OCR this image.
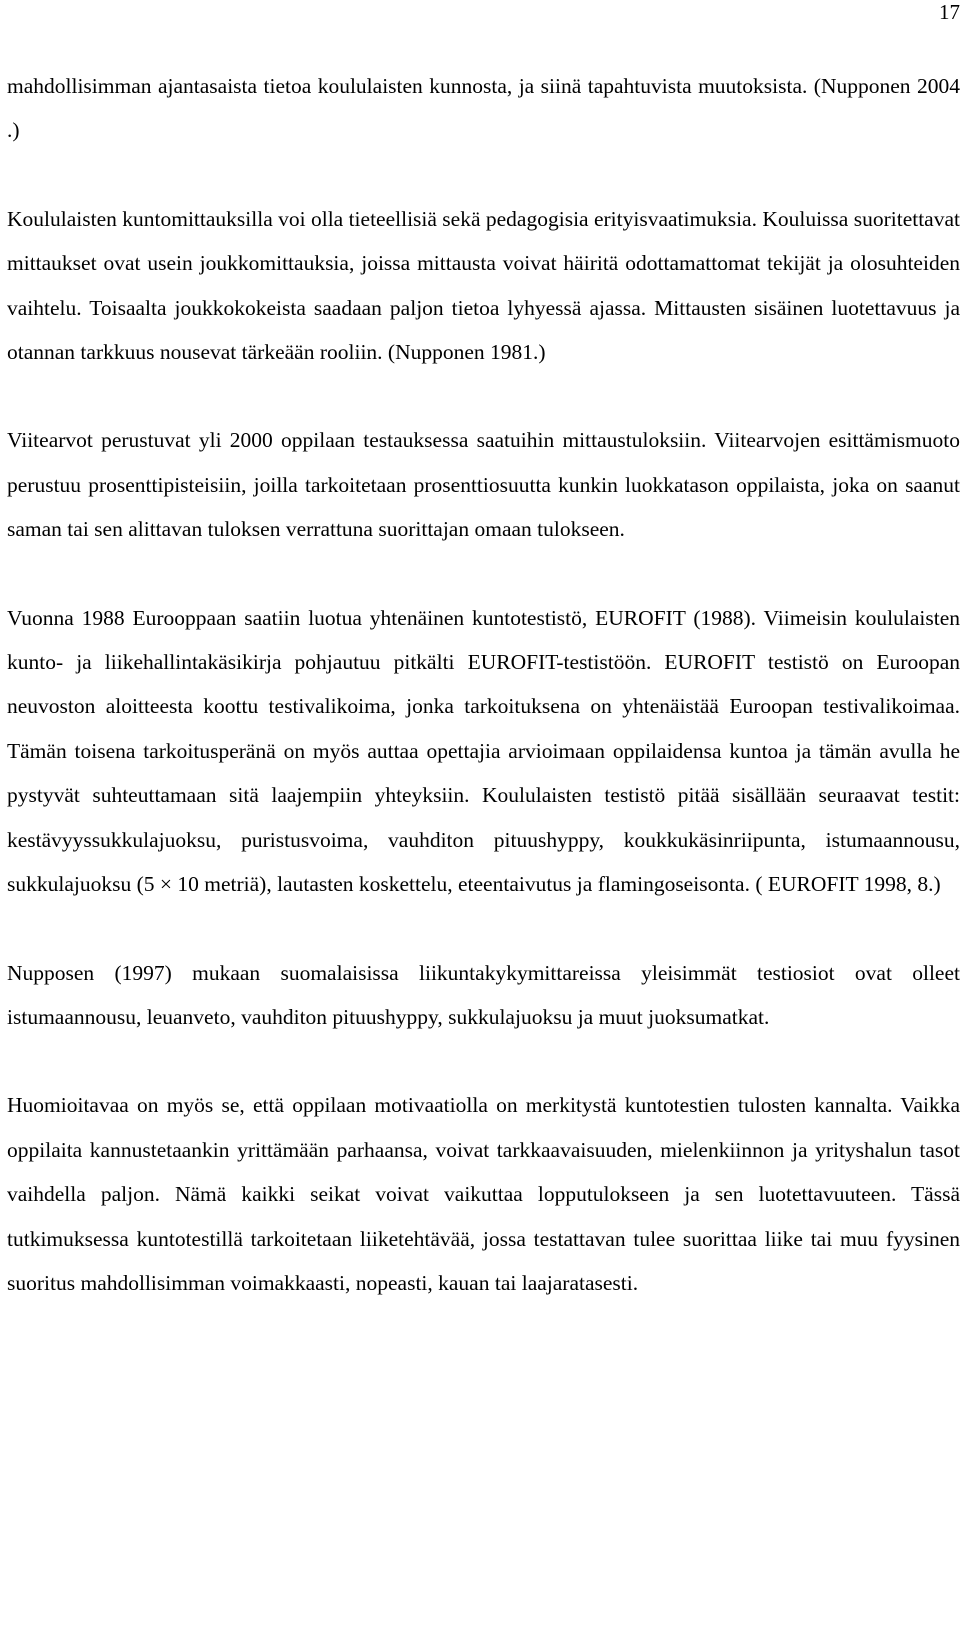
17

mahdollisimman ajantasaista tietoa koululaisten kunnosta, ja siinä tapahtuvista muutoksista. (Nupponen 2004 .)

Koululaisten kuntomittauksilla voi olla tieteellisiä sekä pedagogisia erityisvaatimuksia. Kouluissa suoritettavat mittaukset ovat usein joukkomittauksia, joissa mittausta voivat häiritä odottamattomat tekijät ja olosuhteiden vaihtelu. Toisaalta joukkokokeista saadaan paljon tietoa lyhyessä ajassa. Mittausten sisäinen luotettavuus ja otannan tarkkuus nousevat tärkeään rooliin. (Nupponen 1981.)

Viitearvot perustuvat yli 2000 oppilaan testauksessa saatuihin mittaustuloksiin. Viitearvojen esittämismuoto perustuu prosenttipisteisiin, joilla tarkoitetaan prosenttiosuutta kunkin luokkatason oppilaista, joka on saanut saman tai sen alittavan tuloksen verrattuna suorittajan omaan tulokseen.

Vuonna 1988 Eurooppaan saatiin luotua yhtenäinen kuntotestistö, EUROFIT (1988). Viimeisin koululaisten kunto- ja liikehallintakäsikirja pohjautuu pitkälti EUROFIT-testistöön. EUROFIT testistö on Euroopan neuvoston aloitteesta koottu testivalikoima, jonka tarkoituksena on yhtenäistää Euroopan testivalikoimaa. Tämän toisena tarkoitusperänä on myös auttaa opettajia arvioimaan oppilaidensa kuntoa ja tämän avulla he pystyvät suhteuttamaan sitä laajempiin yhteyksiin. Koululaisten testistö pitää sisällään seuraavat testit: kestävyyssukkulajuoksu, puristusvoima, vauhditon pituushyppy, koukkukäsinriipunta, istumaannousu, sukkulajuoksu (5 × 10 metriä), lautasten koskettelu, eteentaivutus ja flamingoseisonta. ( EUROFIT 1998, 8.)

Nupposen (1997) mukaan suomalaisissa liikuntakykymittareissa yleisimmät testiosiot ovat olleet istumaannousu, leuanveto, vauhditon pituushyppy, sukkulajuoksu ja muut juoksumatkat.

Huomioitavaa on myös se, että oppilaan motivaatiolla on merkitystä kuntotestien tulosten kannalta. Vaikka oppilaita kannustetaankin yrittämään parhaansa, voivat tarkkaavaisuuden, mielenkiinnon ja yrityshalun tasot vaihdella paljon. Nämä kaikki seikat voivat vaikuttaa lopputulokseen ja sen luotettavuuteen. Tässä tutkimuksessa kuntotestillä tarkoitetaan liiketehtävää, jossa testattavan tulee suorittaa liike tai muu fyysinen suoritus mahdollisimman voimakkaasti, nopeasti, kauan tai laajaratasesti.
